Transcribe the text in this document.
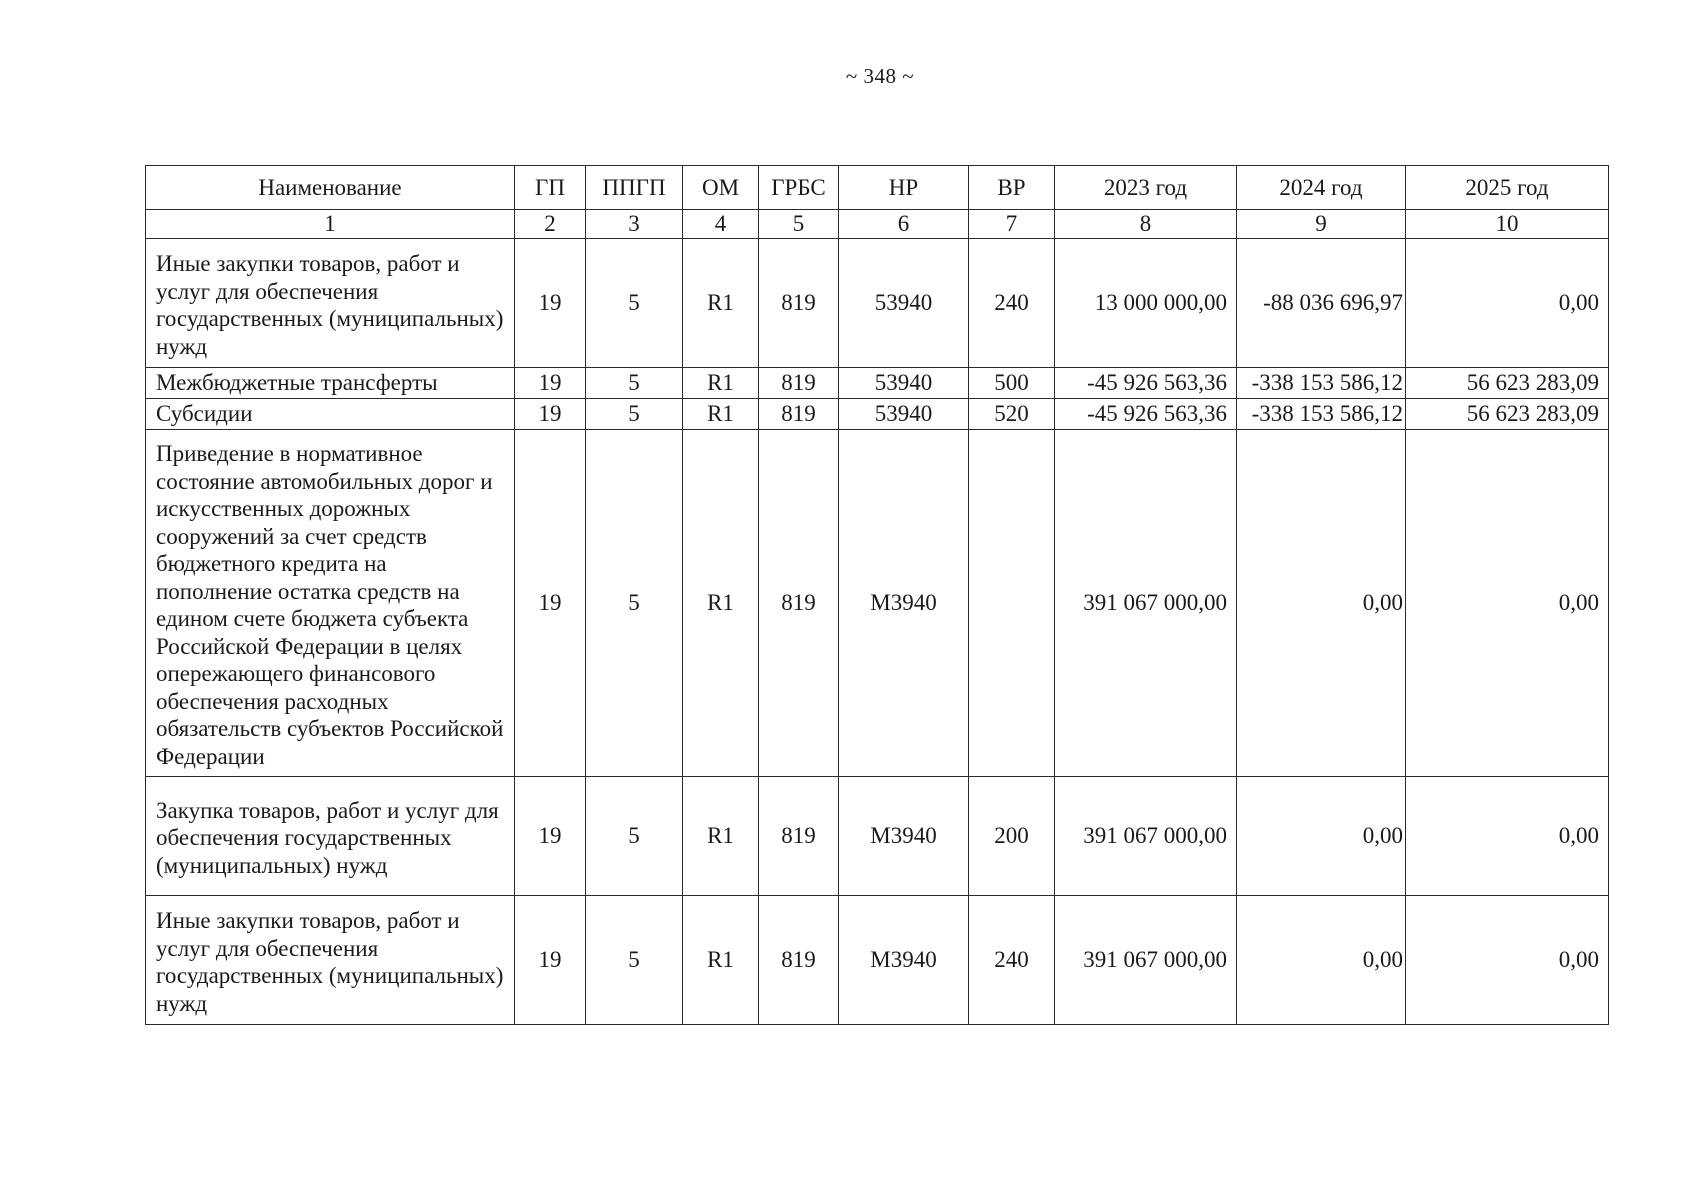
~ 348 ~
Наименование	ГП	ППГП	ОМ	ГРБС	НР	ВР	2023 год	2024 год	2025 год
1	2	3	4	5	6	7	8	9	10
Иные закупки товаров, работ и услуг для обеспечения государственных (муниципальных) нужд	19	5	R1	819	53940	240	13 000 000,00	-88 036 696,97	0,00
Межбюджетные трансферты	19	5	R1	819	53940	500	-45 926 563,36	-338 153 586,12	56 623 283,09
Субсидии	19	5	R1	819	53940	520	-45 926 563,36	-338 153 586,12	56 623 283,09
Приведение в нормативное состояние автомобильных дорог и искусственных дорожных сооружений за счет средств бюджетного кредита на пополнение остатка средств на едином счете бюджета субъекта Российской Федерации в целях опережающего финансового обеспечения расходных обязательств субъектов Российской Федерации	19	5	R1	819	M3940		391 067 000,00	0,00	0,00
Закупка товаров, работ и услуг для обеспечения государственных (муниципальных) нужд	19	5	R1	819	M3940	200	391 067 000,00	0,00	0,00
Иные закупки товаров, работ и услуг для обеспечения государственных (муниципальных) нужд	19	5	R1	819	M3940	240	391 067 000,00	0,00	0,00
